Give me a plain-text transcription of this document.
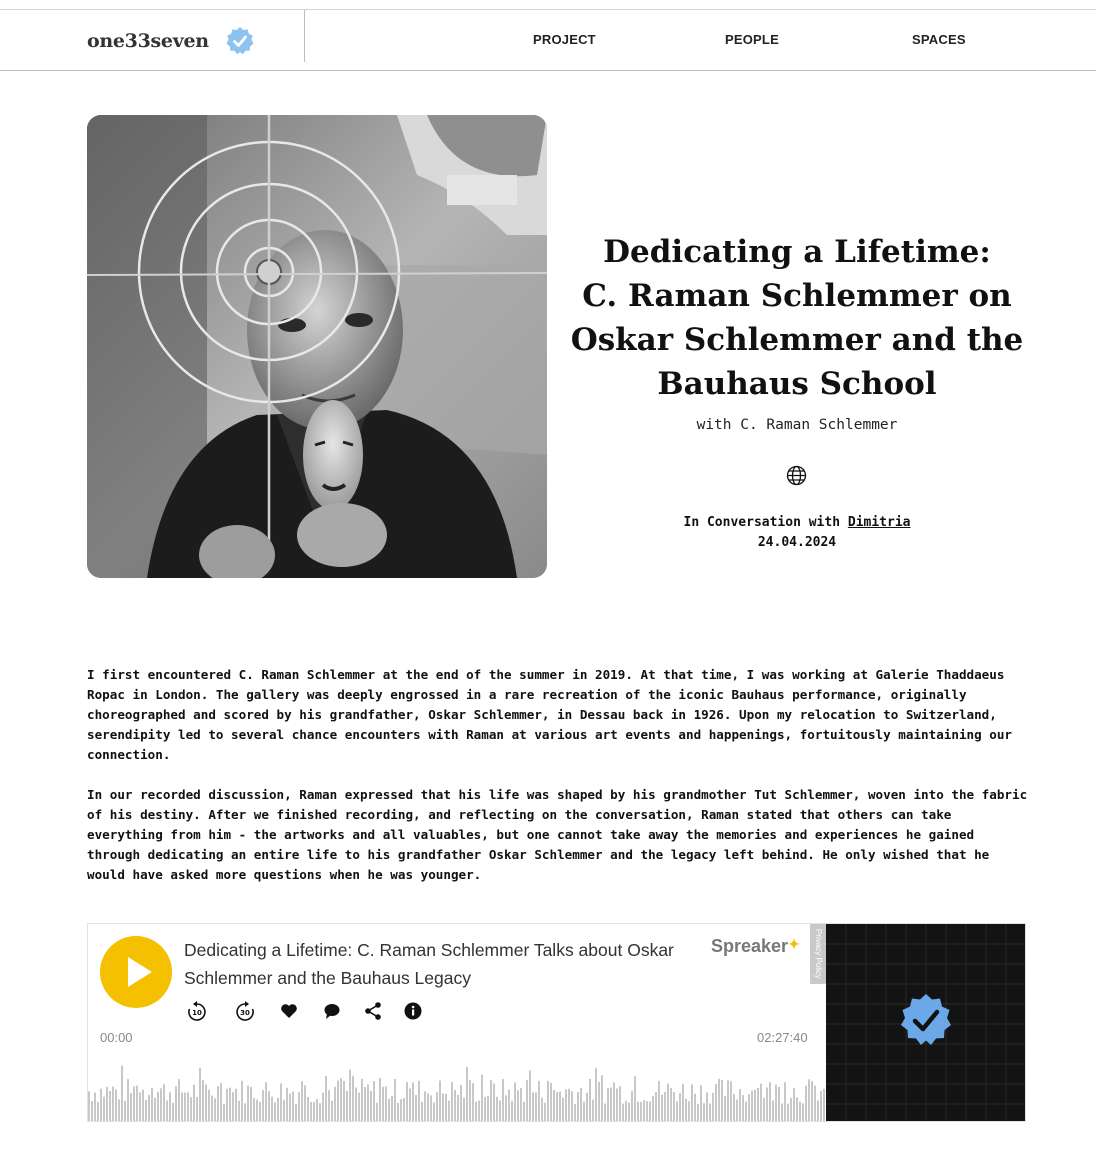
one33seven	PROJECT	PEOPLE	SPACES
Dedicating a Lifetime:
C. Raman Schlemmer on
Oskar Schlemmer and the
Bauhaus School
with C. Raman Schlemmer
In Conversation with Dimitria
24.04.2024

I first encountered C. Raman Schlemmer at the end of the summer in 2019. At that time, I was working at Galerie Thaddaeus Ropac in London. The gallery was deeply engrossed in a rare recreation of the iconic Bauhaus performance, originally choreographed and scored by his grandfather, Oskar Schlemmer, in Dessau back in 1926. Upon my relocation to Switzerland, serendipity led to several chance encounters with Raman at various art events and happenings, fortuitously maintaining our connection.

In our recorded discussion, Raman expressed that his life was shaped by his grandmother Tut Schlemmer, woven into the fabric of his destiny. After we finished recording, and reflecting on the conversation, Raman stated that others can take everything from him - the artworks and all valuables, but one cannot take away the memories and experiences he gained through dedicating an entire life to his grandfather Oskar Schlemmer and the legacy left behind. He only wished that he would have asked more questions when he was younger.

Dedicating a Lifetime: C. Raman Schlemmer Talks about Oskar Schlemmer and the Bauhaus Legacy
Spreaker✦	Privacy Policy
10	30
00:00	02:27:40
